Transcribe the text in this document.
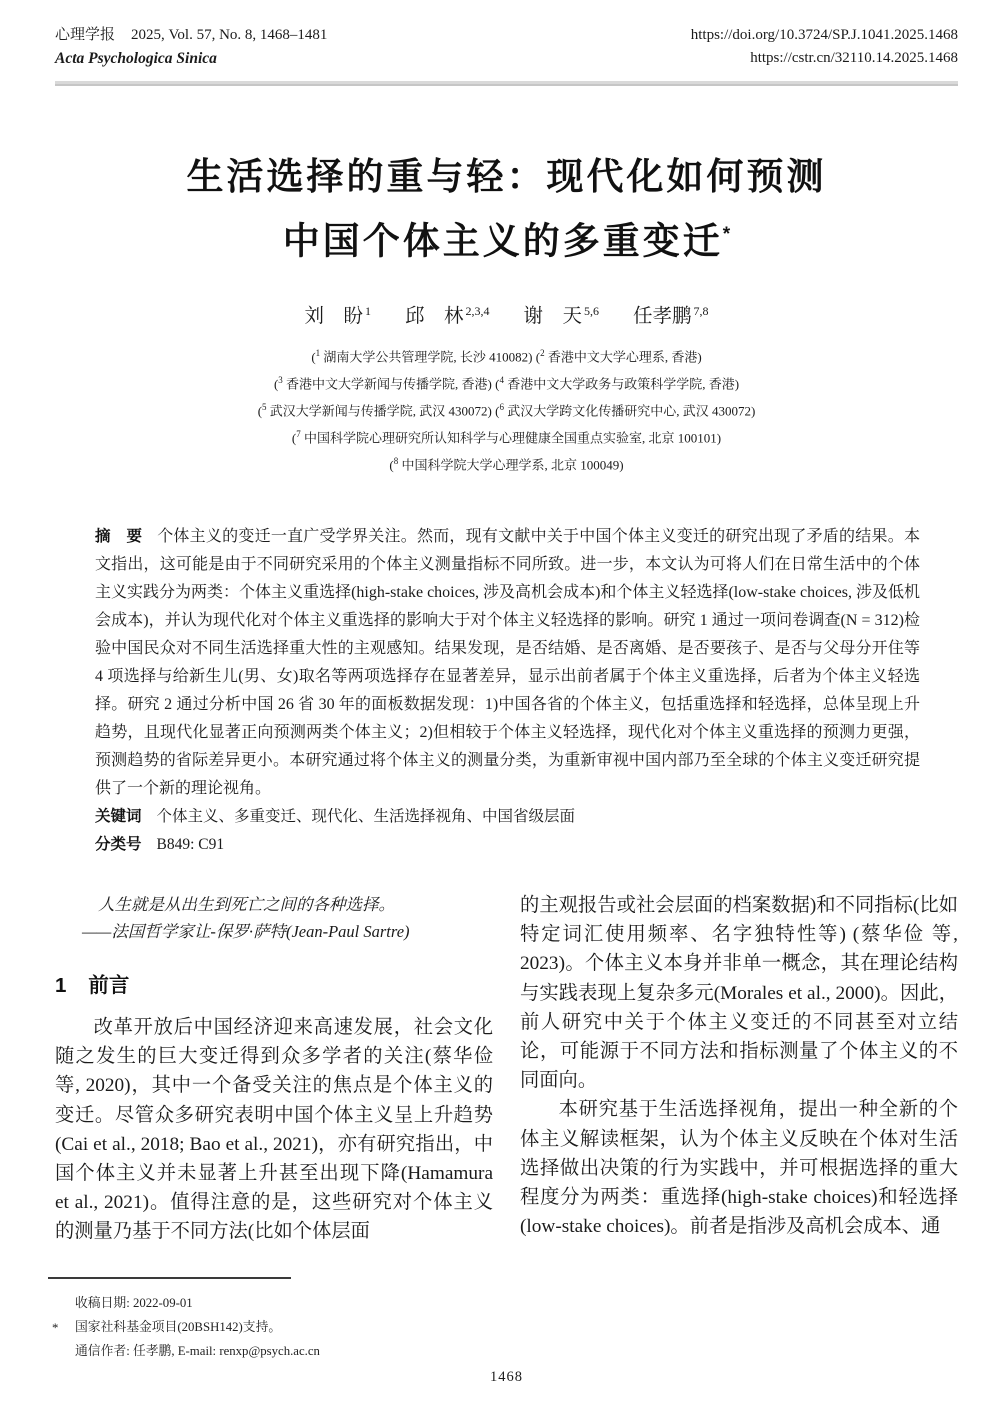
心理学报 2025, Vol. 57, No. 8, 1468–1481
Acta Psychologica Sinica
https://doi.org/10.3724/SP.J.1041.2025.1468
https://cstr.cn/32110.14.2025.1468
生活选择的重与轻：现代化如何预测
中国个体主义的多重变迁*
刘　盼 $^1$ 邱　林 $^{2,3,4}$ 谢　天 $^{5,6}$ 任孝鹏 $^{7,8}$
($^1$ 湖南大学公共管理学院, 长沙 410082) ($^2$ 香港中文大学心理系, 香港)
($^3$ 香港中文大学新闻与传播学院, 香港) ($^4$ 香港中文大学政务与政策科学学院, 香港)
($^5$ 武汉大学新闻与传播学院, 武汉 430072) ($^6$ 武汉大学跨文化传播研究中心, 武汉 430072)
($^7$ 中国科学院心理研究所认知科学与心理健康全国重点实验室, 北京 100101)
($^8$ 中国科学院大学心理学系, 北京 100049)

摘　要 个体主义的变迁一直广受学界关注。然而，现有文献中关于中国个体主义变迁的研究出现了矛盾的结果。本文指出，这可能是由于不同研究采用的个体主义测量指标不同所致。进一步，本文认为可将人们在日常生活中的个体主义实践分为两类：个体主义重选择(high-stake choices, 涉及高机会成本)和个体主义轻选择(low-stake choices, 涉及低机会成本)，并认为现代化对个体主义重选择的影响大于对个体主义轻选择的影响。研究 1 通过一项问卷调查(N = 312)检验中国民众对不同生活选择重大性的主观感知。结果发现，是否结婚、是否离婚、是否要孩子、是否与父母分开住等 4 项选择与给新生儿(男、女)取名等两项选择存在显著差异，显示出前者属于个体主义重选择，后者为个体主义轻选择。研究 2 通过分析中国 26 省 30 年的面板数据发现：1)中国各省的个体主义，包括重选择和轻选择，总体呈现上升趋势，且现代化显著正向预测两类个体主义；2)但相较于个体主义轻选择，现代化对个体主义重选择的预测力更强，预测趋势的省际差异更小。本研究通过将个体主义的测量分类，为重新审视中国内部乃至全球的个体主义变迁研究提供了一个新的理论视角。

关键词 个体主义、多重变迁、现代化、生活选择视角、中国省级层面

分类号 B849: C91

人生就是从出生到死亡之间的各种选择。

——法国哲学家让-保罗·萨特(Jean-Paul Sartre)

1 前言

改革开放后中国经济迎来高速发展，社会文化随之发生的巨大变迁得到众多学者的关注(蔡华俭 等, 2020)，其中一个备受关注的焦点是个体主义的变迁。尽管众多研究表明中国个体主义呈上升趋势(Cai et al., 2018; Bao et al., 2021)，亦有研究指出，中国个体主义并未显著上升甚至出现下降(Hamamura et al., 2021)。值得注意的是，这些研究对个体主义的测量乃基于不同方法(比如个体层面

的主观报告或社会层面的档案数据)和不同指标(比如特定词汇使用频率、名字独特性等) (蔡华俭 等, 2023)。个体主义本身并非单一概念，其在理论结构与实践表现上复杂多元(Morales et al., 2000)。因此，前人研究中关于个体主义变迁的不同甚至对立结论，可能源于不同方法和指标测量了个体主义的不同面向。

本研究基于生活选择视角，提出一种全新的个体主义解读框架，认为个体主义反映在个体对生活选择做出决策的行为实践中，并可根据选择的重大程度分为两类：重选择(high-stake choices)和轻选择(low-stake choices)。前者是指涉及高机会成本、通

收稿日期: 2022-09-01
* 国家社科基金项目(20BSH142)支持。
通信作者: 任孝鹏, E-mail: renxp@psych.ac.cn
1468
